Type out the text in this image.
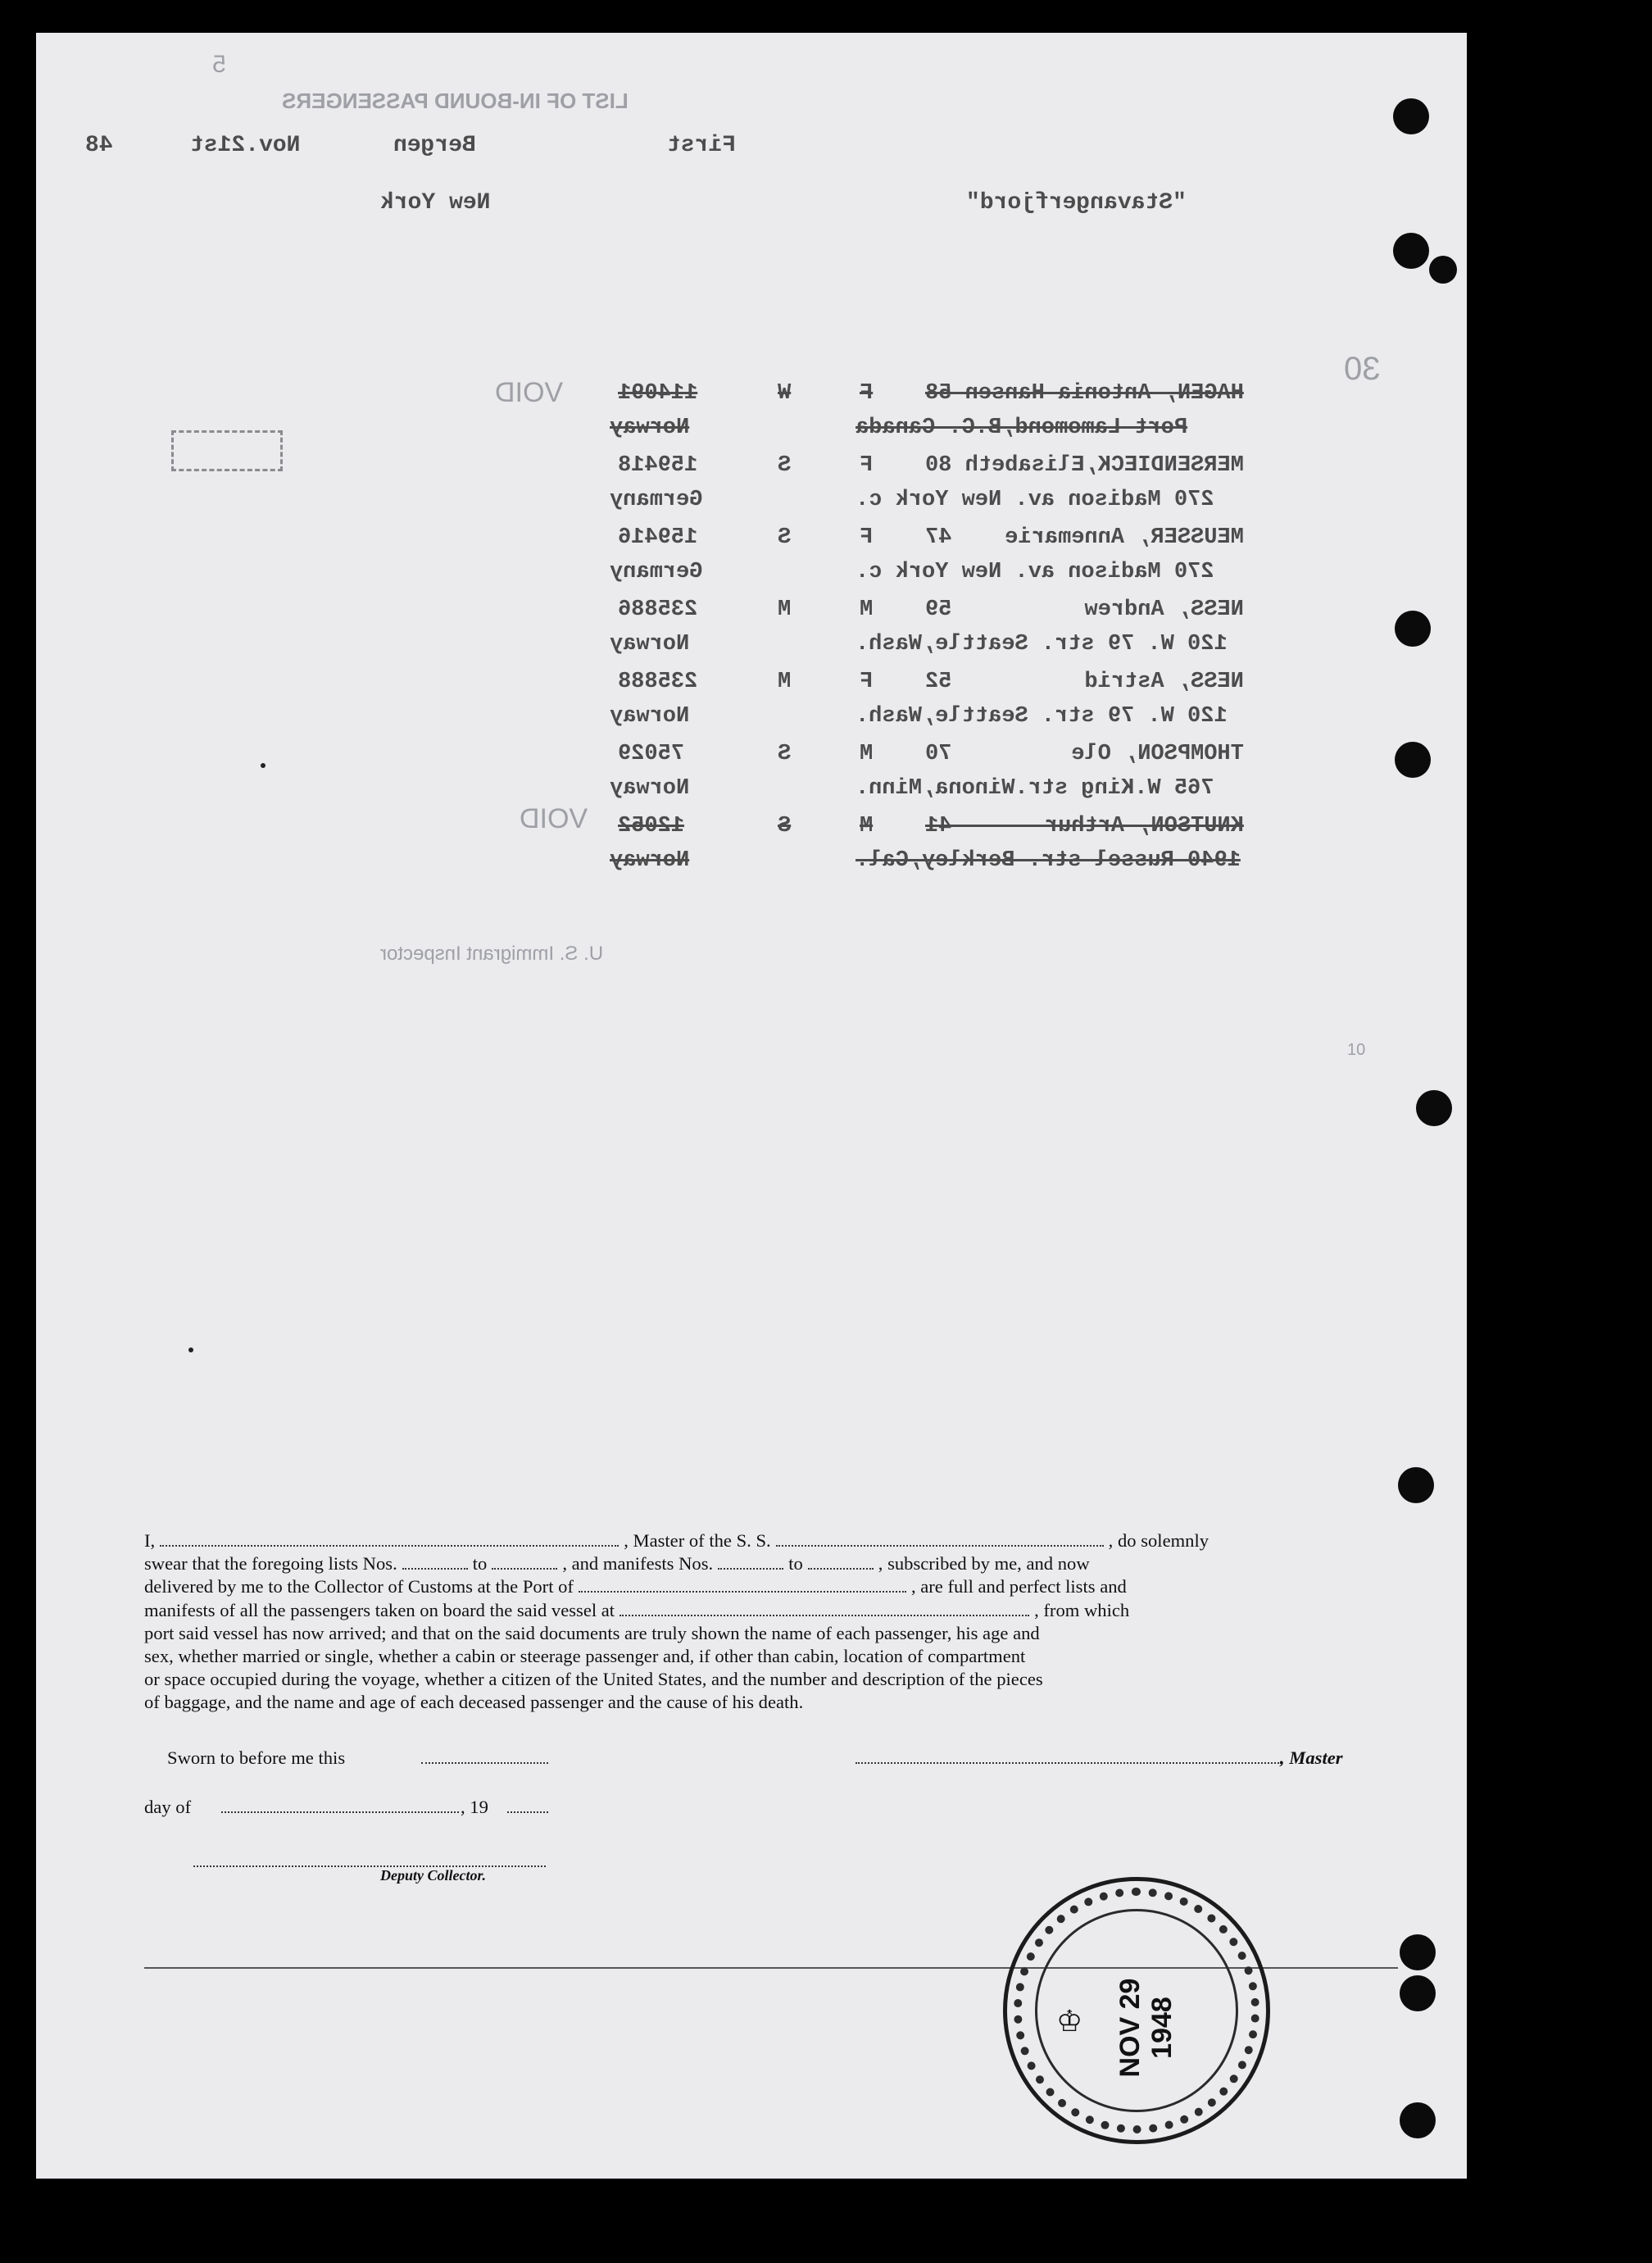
5
LIST OF IN-BOUND PASSENGERS
48	Nov.21st	Bergen	First
New York	"Stavangerfjord"
30
VOID
VOID
10
U. S. Immigrant Inspector
114091	W	F HAGEN, Antonia Hansen 58
Norway	Port Lamomond,B.C. Canada
159418	S	F MERSENDIECK,Elisabeth 80
Germany	270 Madison av. New York c.
159416	S	F MEUSSER, Annemarie    47
Germany	270 Madison av. New York c.
235886	M	M NESS, Andrew          59
Norway	120 W. 79 str. Seattle,Wash.
235888	M	F NESS, Astrid          52
Norway	120 W. 79 str. Seattle,Wash.
75029	S	M THOMPSON, Ole         70
Norway	765 W.King str.Winona,Minn.
12052	S	M KNUTSON, Arthur       41
Norway	1940 Russel str. Berkley,Cal.
I,	, Master of the S. S.	, do solemnly
swear that the foregoing lists Nos.	to	, and manifests Nos.	to	, subscribed by me, and now
delivered by me to the Collector of Customs at the Port of	, are full and perfect lists and
manifests of all the passengers taken on board the said vessel at	, from which
port said vessel has now arrived; and that on the said documents are truly shown the name of each passenger, his age and
sex, whether married or single, whether a cabin or steerage passenger and, if other than cabin, location of compartment
or space occupied during the voyage, whether a citizen of the United States, and the number and description of the pieces
of baggage, and the name and age of each deceased passenger and the cause of his death.
Sworn to before me this	, Master
day of	, 19
Deputy Collector.
NOV 29 1948
♔
